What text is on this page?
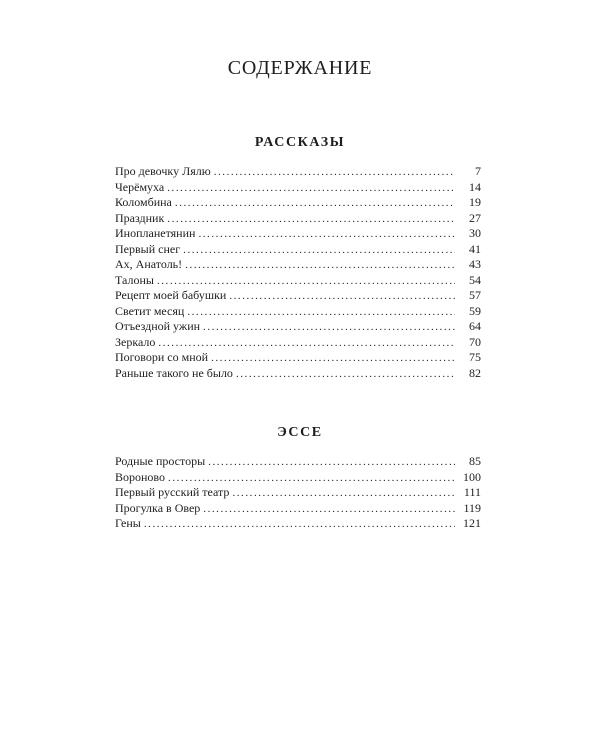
СОДЕРЖАНИЕ
РАССКАЗЫ
Про девочку Лялю . . .	7
Черёмуха . . .	14
Коломбина . . .	19
Праздник . . .	27
Инопланетянин . . .	30
Первый снег . . .	41
Ах, Анатоль! . . .	43
Талоны . . .	54
Рецепт моей бабушки . . .	57
Светит месяц . . .	59
Отъездной ужин . . .	64
Зеркало . . .	70
Поговори со мной . . .	75
Раньше такого не было . . .	82
ЭССЕ
Родные просторы . . .	85
Вороново . . .	100
Первый русский театр . . .	111
Прогулка в Овер . . .	119
Гены . . .	121
